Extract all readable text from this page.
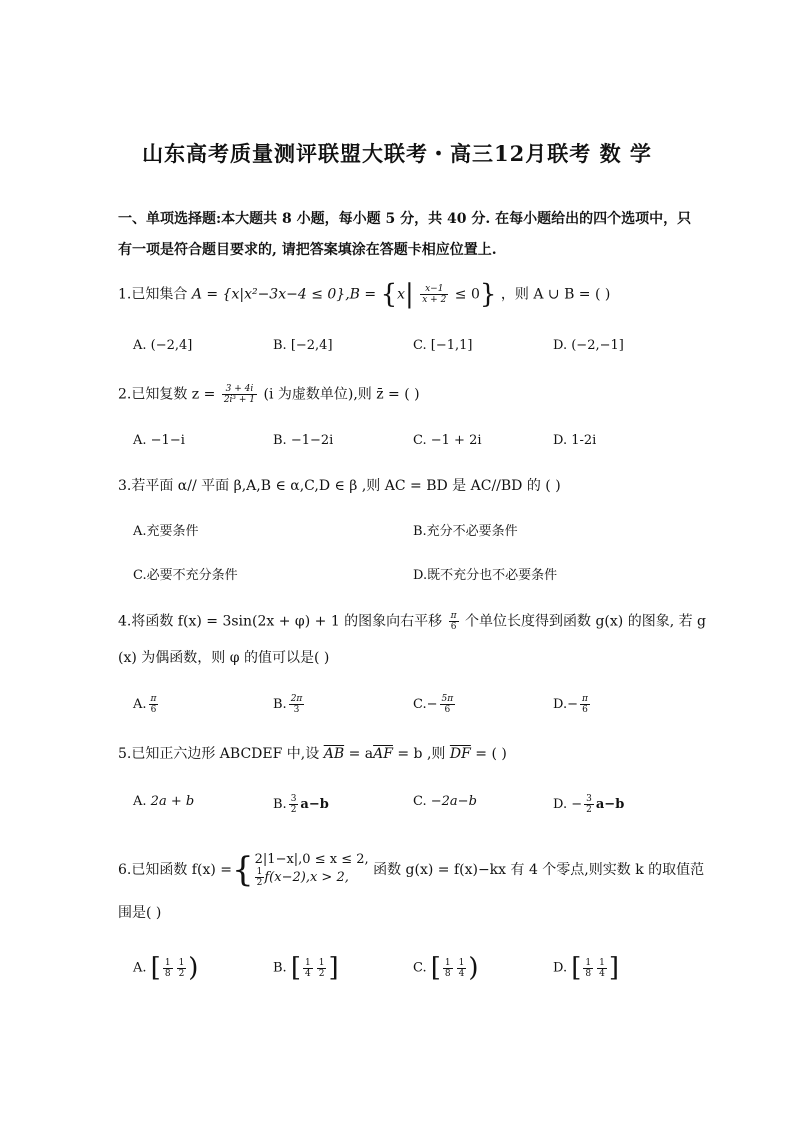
山东高考质量测评联盟大联考・高三12月联考 数 学
一、单项选择题:本大题共 8 小题，每小题 5 分，共 40 分. 在每小题给出的四个选项中，只
有一项是符合题目要求的, 请把答案填涂在答题卡相应位置上.
1.已知集合 $A = \{x|x^2-3x-4 \le 0\},B = \{x| \frac{x-1}{x + 2} \le 0\}$ ，则 A ∪ B = ( )
A. (−2,4]	B. [−2,4]	C. [−1,1]	D. (−2,−1]
2.已知复数 $z = \frac{3 + 4i}{\text{2i³ + 1}} (i$ 为虚数单位),则 z̄ = ( )
A. −1−i	B. −1−2i	C. −1 + 2i	D. 1-2i
3.若平面 α// 平面 β,A,B ∈ α,C,D ∈ β ,则 AC = BD 是 AC//BD 的 ( )
A.充要条件	B.充分不必要条件
C.必要不充分条件	D.既不充分也不必要条件
4.将函数 f(x) = 3sin(2x + φ) + 1 的图象向右平移 $\frac{\pi}{6}$ 个单位长度得到函数 g(x) 的图象, 若 g
(x) 为偶函数，则 φ 的值可以是( )
A. $\frac{\pi}{6}$	B. $\frac{2\pi}{3}$	$C.- \frac{5\pi}{6}$	$D.- \frac{\pi}{6}$
5.已知正六边形 ABCDEF 中,设 $\overline{AB} = a\overline{AF} = b$ ,则 $\overline{DF}$ = ( )
A. 2a + b	B. $\frac{3}{2} a-b$	C. −2a−b	D. − $\frac{3}{2} a-b$
6.已知函数 f(x) ={ 2|1−x|,0 ≤ x ≤ 2,
$\frac{1}{2} f(x-2),x > 2$,	函数 g(x) = f(x)−kx 有 4 个零点,则实数 k 的取值范
围是( )
A. [ $\frac{1}{8} \frac{1}{2}$ )	B. [ $\frac{1}{4} \frac{1}{2}$ ]	C. [ $\frac{1}{8} \frac{1}{4}$ )	D. [ $\frac{1}{8} \frac{1}{4}$ ]
